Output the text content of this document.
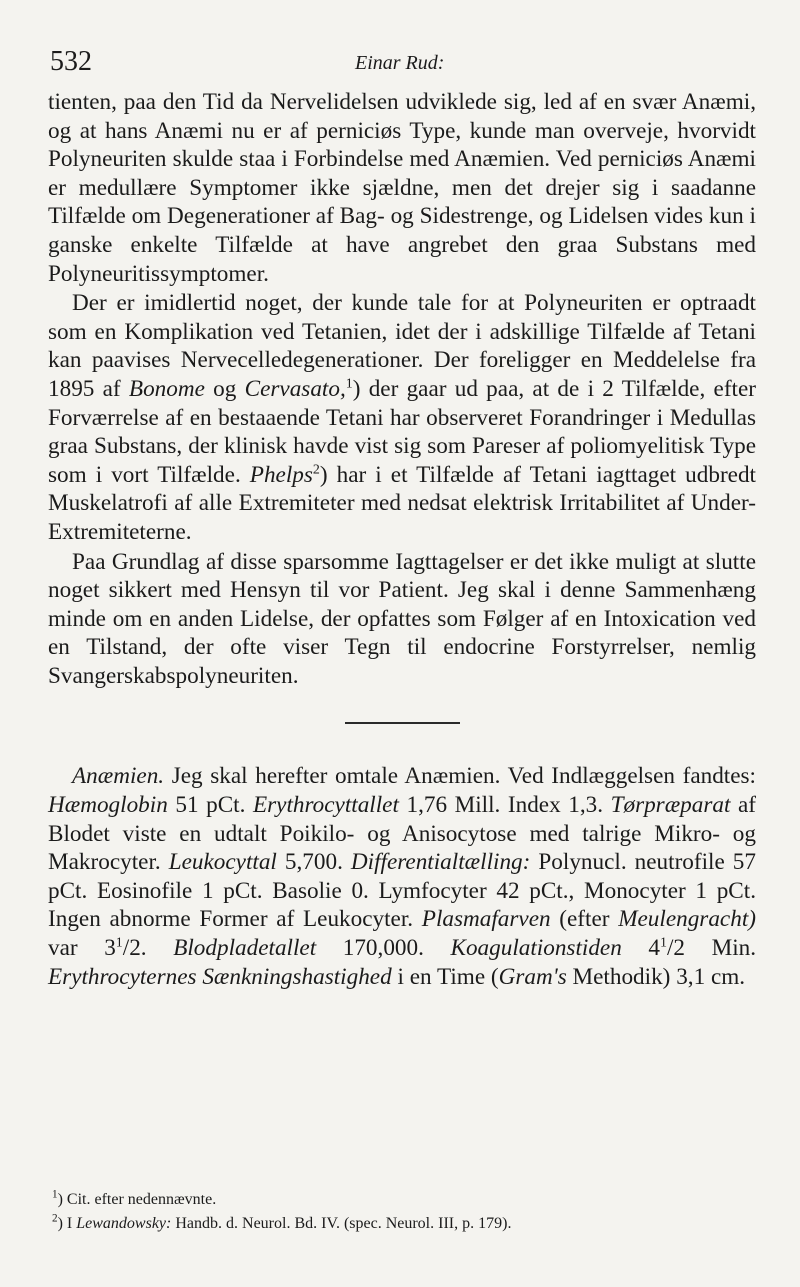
532	Einar Rud:

tienten, paa den Tid da Nervelidelsen udviklede sig, led af en svær Anæmi, og at hans Anæmi nu er af perniciøs Type, kunde man overveje, hvorvidt Polyneuriten skulde staa i Forbindelse med Anæmien. Ved perniciøs Anæmi er medullære Symptomer ikke sjældne, men det drejer sig i saadanne Tilfælde om Degenerationer af Bag- og Sidestrenge, og Lidelsen vides kun i ganske enkelte Tilfælde at have angrebet den graa Substans med Polyneuritissymptomer.

Der er imidlertid noget, der kunde tale for at Polyneuriten er optraadt som en Komplikation ved Tetanien, idet der i adskillige Tilfælde af Tetani kan paavises Nervecelledegenerationer. Der foreligger en Meddelelse fra 1895 af Bonome og Cervasato,$^1$) der gaar ud paa, at de i 2 Tilfælde, efter Forværrelse af en bestaaende Tetani har observeret Forandringer i Medullas graa Substans, der klinisk havde vist sig som Pareser af poliomyelitisk Type som i vort Tilfælde. Phelps$^2$) har i et Tilfælde af Tetani iagttaget udbredt Muskelatrofi af alle Extremiteter med nedsat elektrisk Irritabilitet af Under-Extremiteterne.

Paa Grundlag af disse sparsomme Iagttagelser er det ikke muligt at slutte noget sikkert med Hensyn til vor Patient. Jeg skal i denne Sammenhæng minde om en anden Lidelse, der opfattes som Følger af en Intoxication ved en Tilstand, der ofte viser Tegn til endocrine Forstyrrelser, nemlig Svangerskabspolyneuriten.

Anæmien. Jeg skal herefter omtale Anæmien. Ved Indlæggelsen fandtes: Hæmoglobin 51 pCt. Erythrocyttallet 1,76 Mill. Index 1,3. Tørpræparat af Blodet viste en udtalt Poikilo- og Anisocytose med talrige Mikro- og Makrocyter. Leukocyttal 5,700. Differentialtælling: Polynucl. neutrofile 57 pCt. Eosinofile 1 pCt. Basolie 0. Lymfocyter 42 pCt., Monocyter 1 pCt. Ingen abnorme Former af Leukocyter. Plasmafarven (efter Meulengracht) var $3^1/2$. Blodpladetallet 170,000. Koagulationstiden $4^1/2$ Min. Erythrocyternes Sænkningshastighed i en Time (Gram's Methodik) 3,1 cm.

$^1$) Cit. efter nedennævnte.

$^2$) I Lewandowsky: Handb. d. Neurol. Bd. IV. (spec. Neurol. III, p. 179).
